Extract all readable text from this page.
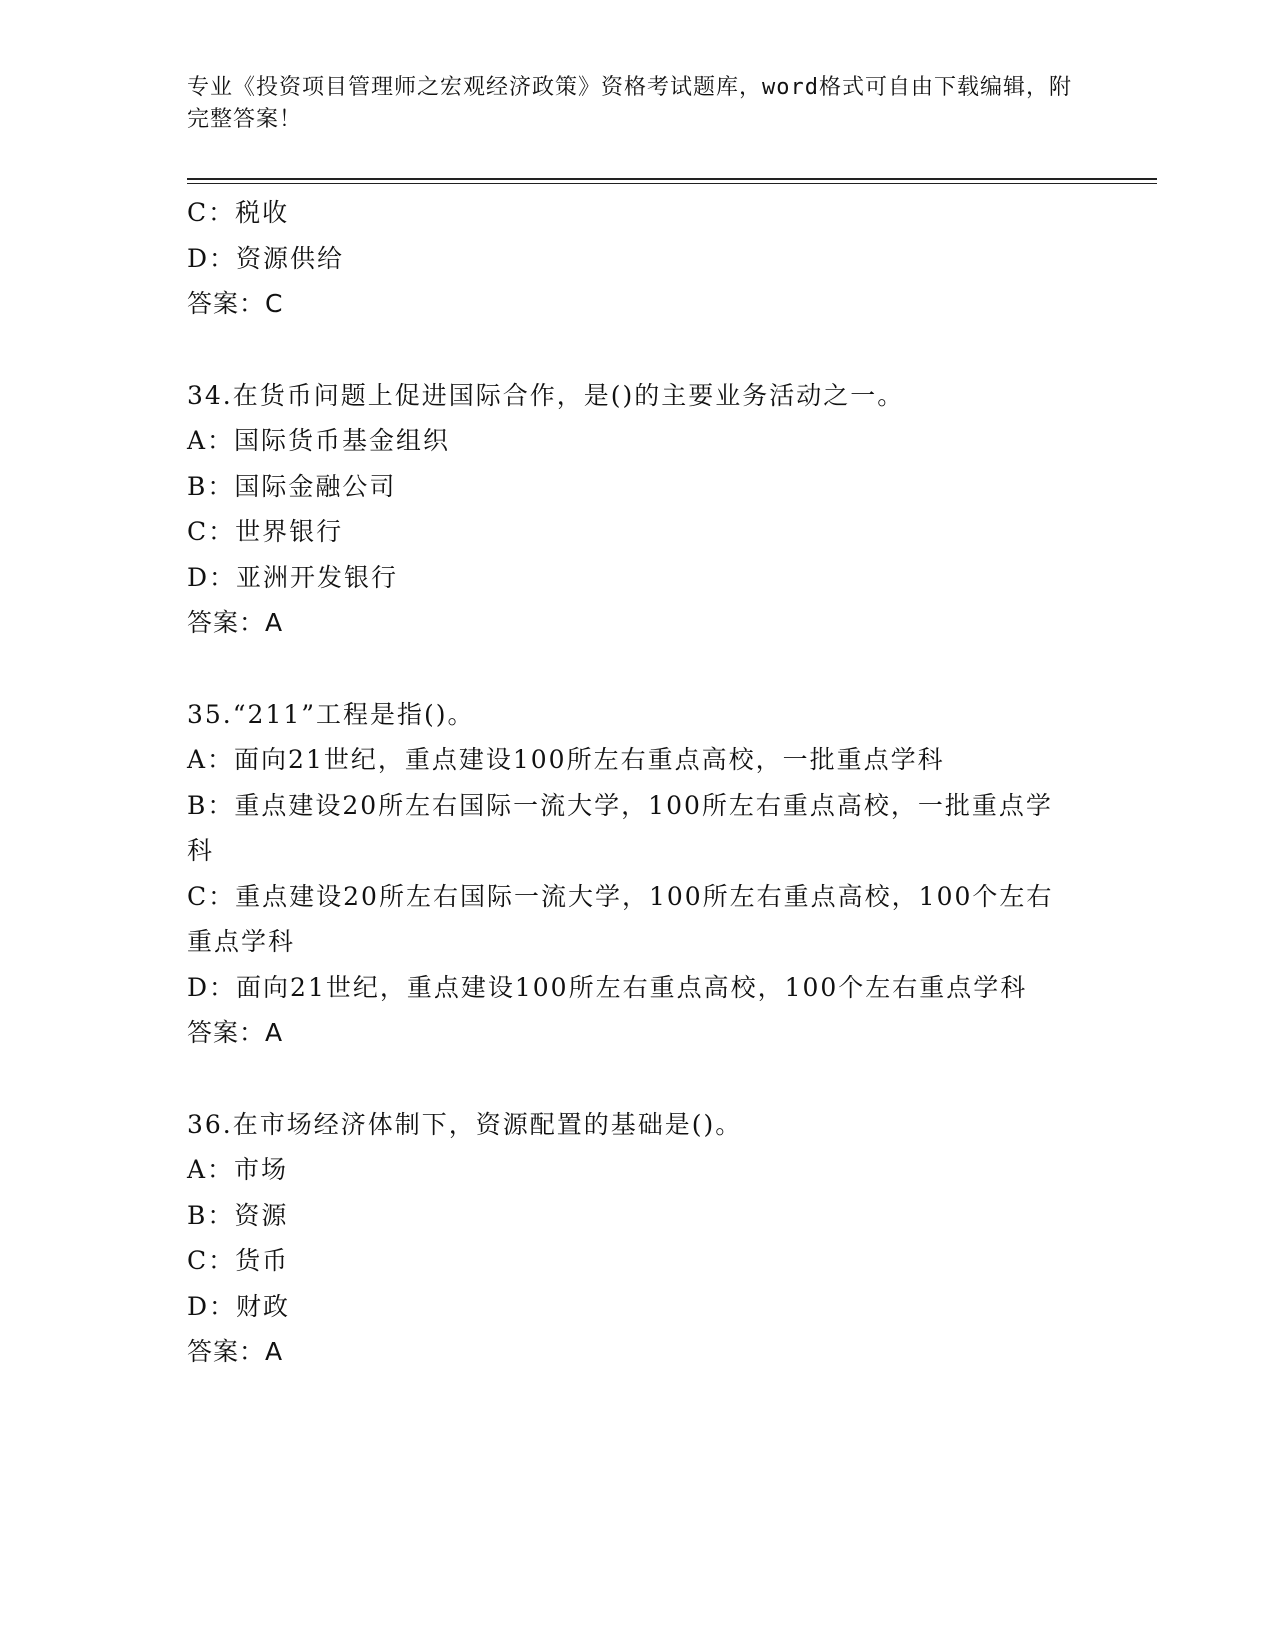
专业《投资项目管理师之宏观经济政策》资格考试题库，word格式可自由下载编辑，附完整答案！
C：税收
D：资源供给
答案：C
34.在货币问题上促进国际合作，是()的主要业务活动之一。
A：国际货币基金组织
B：国际金融公司
C：世界银行
D：亚洲开发银行
答案：A
35.“211”工程是指()。
A：面向21世纪，重点建设100所左右重点高校，一批重点学科
B：重点建设20所左右国际一流大学，100所左右重点高校，一批重点学科
C：重点建设20所左右国际一流大学，100所左右重点高校，100个左右重点学科
D：面向21世纪，重点建设100所左右重点高校，100个左右重点学科
答案：A
36.在市场经济体制下，资源配置的基础是()。
A：市场
B：资源
C：货币
D：财政
答案：A
